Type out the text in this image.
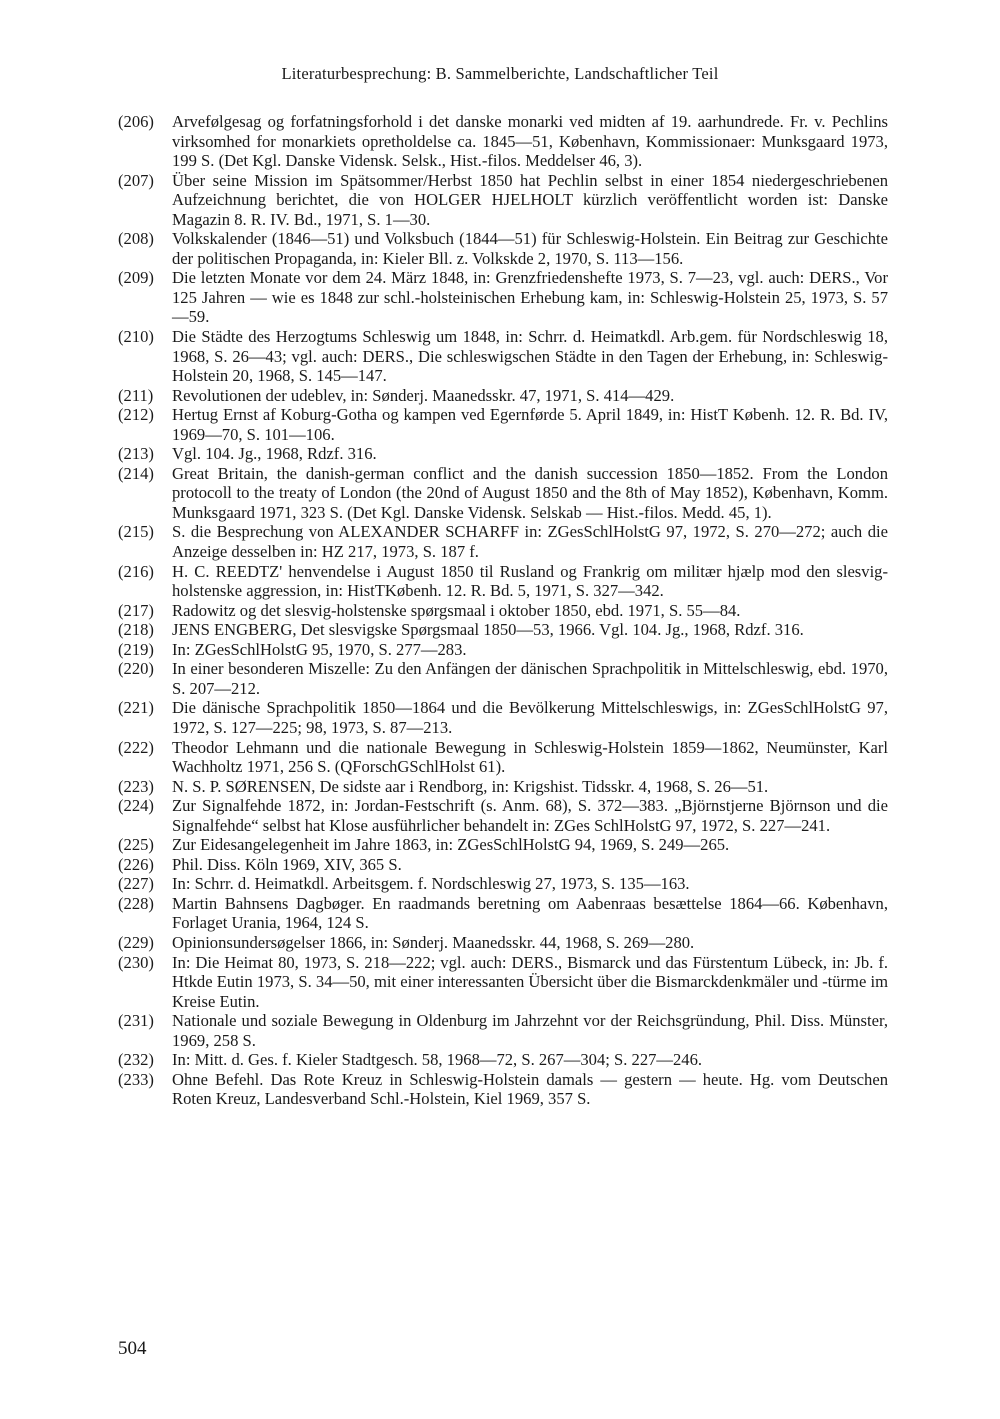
Literaturbesprechung: B. Sammelberichte, Landschaftlicher Teil
(206)	Arvefølgesag og forfatningsforhold i det danske monarki ved midten af 19. aarhundrede. Fr. v. Pechlins virksomhed for monarkiets opretholdelse ca. 1845—51, København, Kommissionaer: Munksgaard 1973, 199 S. (Det Kgl. Danske Vidensk. Selsk., Hist.-filos. Meddelser 46, 3).
(207)	Über seine Mission im Spätsommer/Herbst 1850 hat Pechlin selbst in einer 1854 niedergeschriebenen Aufzeichnung berichtet, die von HOLGER HJELHOLT kürzlich veröffentlicht worden ist: Danske Magazin 8. R. IV. Bd., 1971, S. 1—30.
(208)	Volkskalender (1846—51) und Volksbuch (1844—51) für Schleswig-Holstein. Ein Beitrag zur Geschichte der politischen Propaganda, in: Kieler Bll. z. Volkskde 2, 1970, S. 113—156.
(209)	Die letzten Monate vor dem 24. März 1848, in: Grenzfriedenshefte 1973, S. 7—23, vgl. auch: DERS., Vor 125 Jahren — wie es 1848 zur schl.-holsteinischen Erhebung kam, in: Schleswig-Holstein 25, 1973, S. 57—59.
(210)	Die Städte des Herzogtums Schleswig um 1848, in: Schrr. d. Heimatkdl. Arb.gem. für Nordschleswig 18, 1968, S. 26—43; vgl. auch: DERS., Die schleswigschen Städte in den Tagen der Erhebung, in: Schleswig-Holstein 20, 1968, S. 145—147.
(211)	Revolutionen der udeblev, in: Sønderj. Maanedsskr. 47, 1971, S. 414—429.
(212)	Hertug Ernst af Koburg-Gotha og kampen ved Egernførde 5. April 1849, in: HistT Københ. 12. R. Bd. IV, 1969—70, S. 101—106.
(213)	Vgl. 104. Jg., 1968, Rdzf. 316.
(214)	Great Britain, the danish-german conflict and the danish succession 1850—1852. From the London protocoll to the treaty of London (the 20nd of August 1850 and the 8th of May 1852), København, Komm. Munksgaard 1971, 323 S. (Det Kgl. Danske Vidensk. Selskab — Hist.-filos. Medd. 45, 1).
(215)	S. die Besprechung von ALEXANDER SCHARFF in: ZGesSchlHolstG 97, 1972, S. 270—272; auch die Anzeige desselben in: HZ 217, 1973, S. 187 f.
(216)	H. C. REEDTZ' henvendelse i August 1850 til Rusland og Frankrig om militær hjælp mod den slesvig-holstenske aggression, in: HistTKøbenh. 12. R. Bd. 5, 1971, S. 327—342.
(217)	Radowitz og det slesvig-holstenske spørgsmaal i oktober 1850, ebd. 1971, S. 55—84.
(218)	JENS ENGBERG, Det slesvigske Spørgsmaal 1850—53, 1966. Vgl. 104. Jg., 1968, Rdzf. 316.
(219)	In: ZGesSchlHolstG 95, 1970, S. 277—283.
(220)	In einer besonderen Miszelle: Zu den Anfängen der dänischen Sprachpolitik in Mittelschleswig, ebd. 1970, S. 207—212.
(221)	Die dänische Sprachpolitik 1850—1864 und die Bevölkerung Mittelschleswigs, in: ZGesSchlHolstG 97, 1972, S. 127—225; 98, 1973, S. 87—213.
(222)	Theodor Lehmann und die nationale Bewegung in Schleswig-Holstein 1859—1862, Neumünster, Karl Wachholtz 1971, 256 S. (QForschGSchlHolst 61).
(223)	N. S. P. SØRENSEN, De sidste aar i Rendborg, in: Krigshist. Tidsskr. 4, 1968, S. 26—51.
(224)	Zur Signalfehde 1872, in: Jordan-Festschrift (s. Anm. 68), S. 372—383. „Björnstjerne Björnson und die Signalfehde“ selbst hat Klose ausführlicher behandelt in: ZGes SchlHolstG 97, 1972, S. 227—241.
(225)	Zur Eidesangelegenheit im Jahre 1863, in: ZGesSchlHolstG 94, 1969, S. 249—265.
(226)	Phil. Diss. Köln 1969, XIV, 365 S.
(227)	In: Schrr. d. Heimatkdl. Arbeitsgem. f. Nordschleswig 27, 1973, S. 135—163.
(228)	Martin Bahnsens Dagbøger. En raadmands beretning om Aabenraas besættelse 1864—66. København, Forlaget Urania, 1964, 124 S.
(229)	Opinionsundersøgelser 1866, in: Sønderj. Maanedsskr. 44, 1968, S. 269—280.
(230)	In: Die Heimat 80, 1973, S. 218—222; vgl. auch: DERS., Bismarck und das Fürstentum Lübeck, in: Jb. f. Htkde Eutin 1973, S. 34—50, mit einer interessanten Übersicht über die Bismarckdenkmäler und -türme im Kreise Eutin.
(231)	Nationale und soziale Bewegung in Oldenburg im Jahrzehnt vor der Reichsgründung, Phil. Diss. Münster, 1969, 258 S.
(232)	In: Mitt. d. Ges. f. Kieler Stadtgesch. 58, 1968—72, S. 267—304; S. 227—246.
(233)	Ohne Befehl. Das Rote Kreuz in Schleswig-Holstein damals — gestern — heute. Hg. vom Deutschen Roten Kreuz, Landesverband Schl.-Holstein, Kiel 1969, 357 S.
504
